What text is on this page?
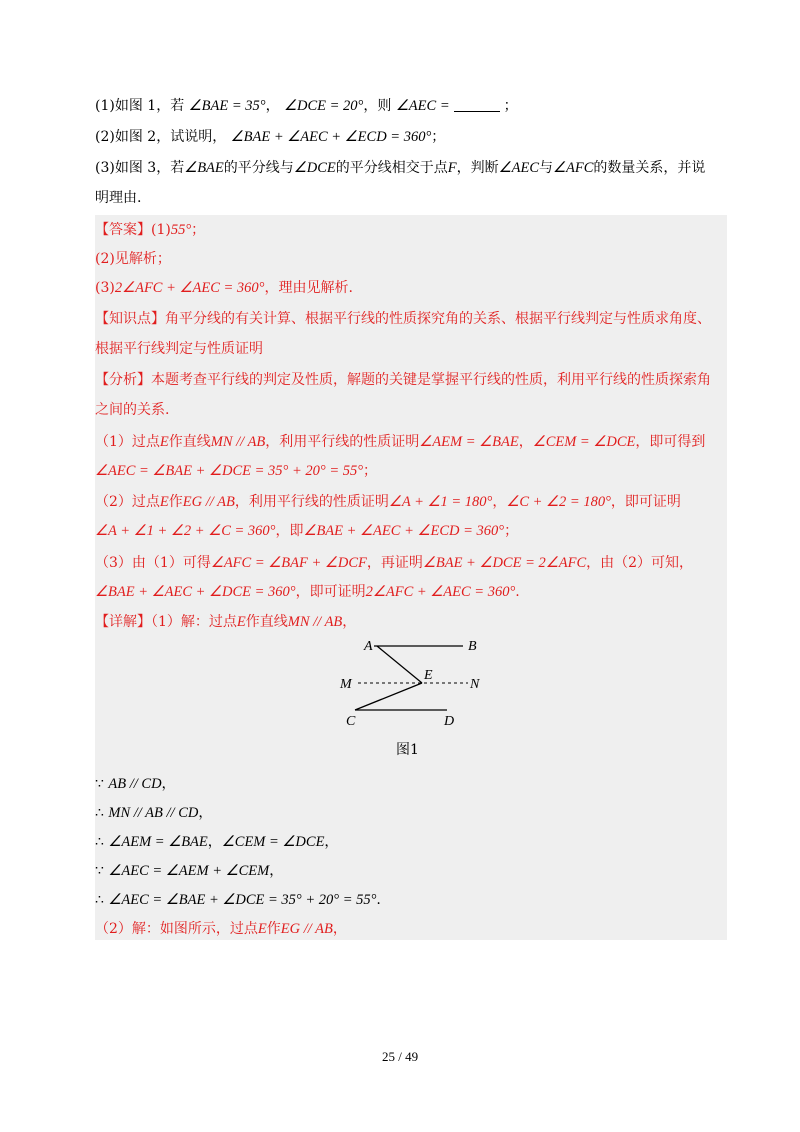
(1)如图 1，若 ∠BAE = 35°， ∠DCE = 20°，则 ∠AEC =	；
(2)如图 2，试说明， ∠BAE + ∠AEC + ∠ECD = 360°；
(3)如图 3，若∠BAE的平分线与∠DCE的平分线相交于点F，判断∠AEC与∠AFC的数量关系，并说
明理由.
【答案】(1)55°；
(2)见解析；
(3)2∠AFC + ∠AEC = 360°，理由见解析.
【知识点】角平分线的有关计算、根据平行线的性质探究角的关系、根据平行线判定与性质求角度、
根据平行线判定与性质证明
【分析】本题考查平行线的判定及性质，解题的关键是掌握平行线的性质，利用平行线的性质探索角
之间的关系.
（1）过点E作直线MN // AB，利用平行线的性质证明∠AEM = ∠BAE，∠CEM = ∠DCE，即可得到
∠AEC = ∠BAE + ∠DCE = 35° + 20° = 55°；
（2）过点E作EG // AB，利用平行线的性质证明∠A + ∠1 = 180°，∠C + ∠2 = 180°，即可证明
∠A + ∠1 + ∠2 + ∠C = 360°，即∠BAE + ∠AEC + ∠ECD = 360°；
（3）由（1）可得∠AFC = ∠BAF + ∠DCF，再证明∠BAE + ∠DCE = 2∠AFC，由（2）可知，
∠BAE + ∠AEC + ∠DCE = 360°，即可证明2∠AFC + ∠AEC = 360°.
【详解】（1）解：过点E作直线MN // AB，
A	B
M
E
N
C	D
图1
∵ AB // CD，
∴ MN // AB // CD，
∴ ∠AEM = ∠BAE，∠CEM = ∠DCE，
∵ ∠AEC = ∠AEM + ∠CEM，
∴ ∠AEC = ∠BAE + ∠DCE = 35° + 20° = 55°.
（2）解：如图所示，过点E作EG // AB，
25 / 49
